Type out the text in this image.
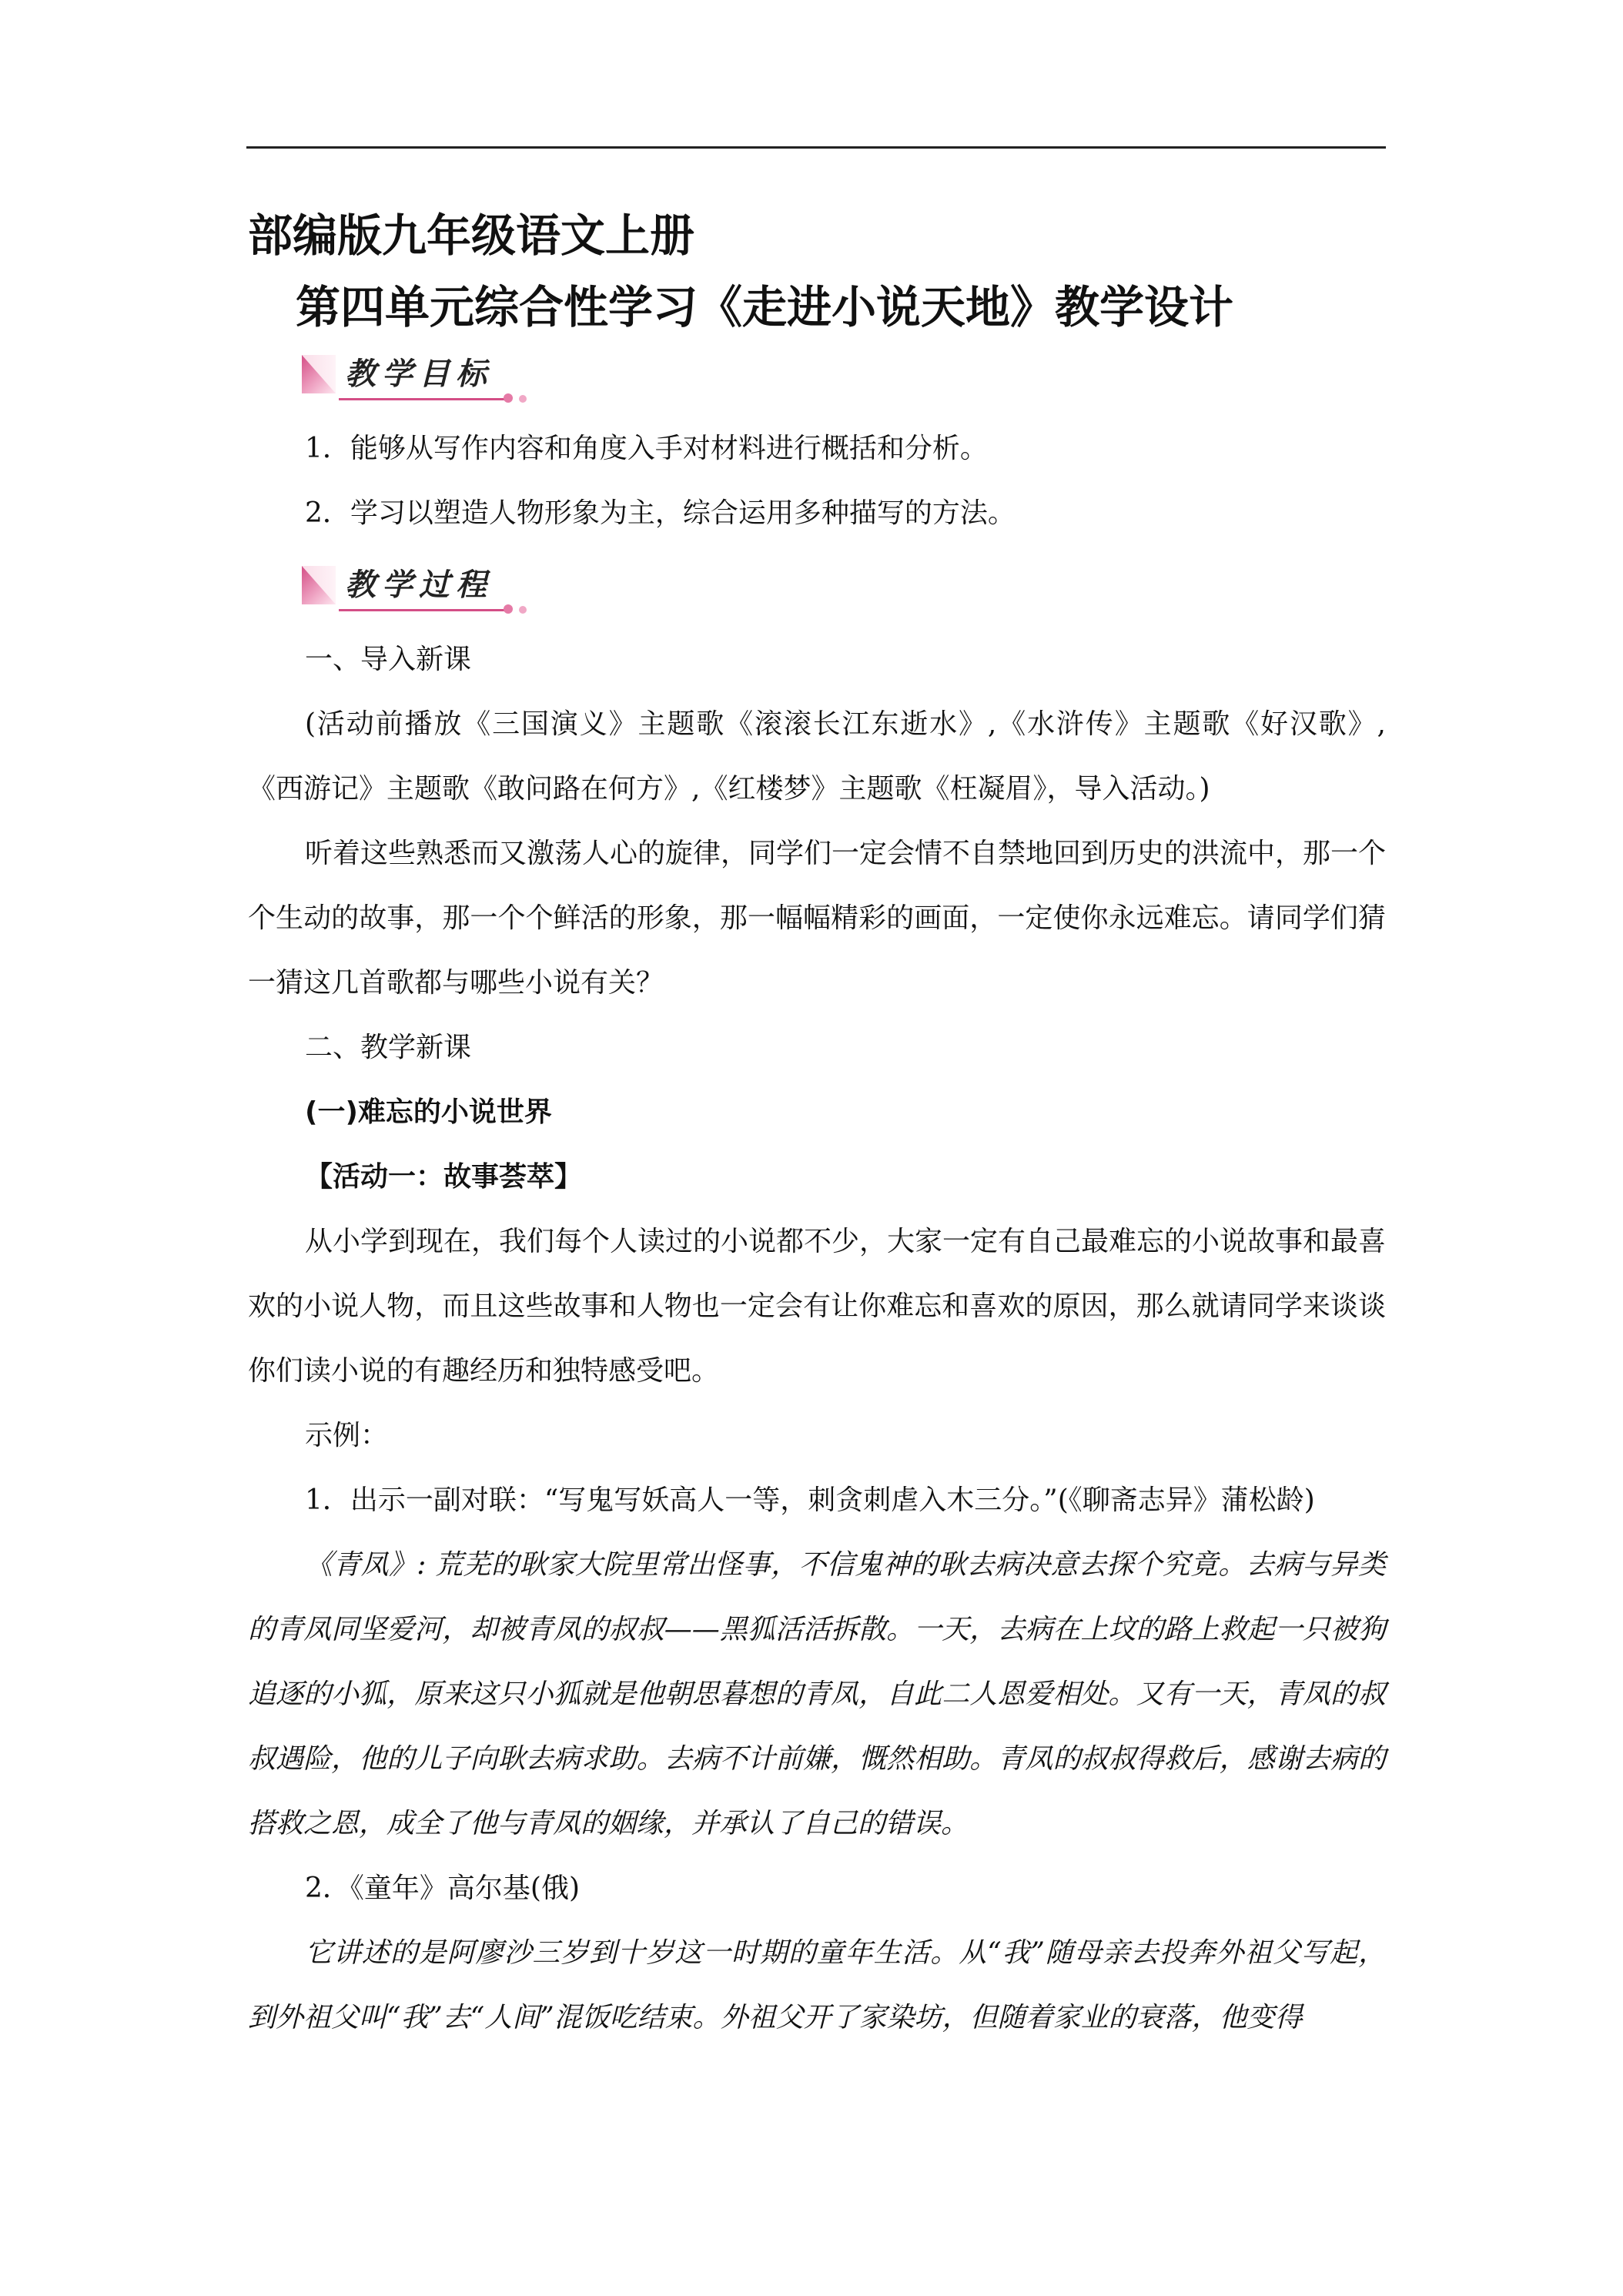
部编版九年级语文上册
第四单元综合性学习《走进小说天地》教学设计
教学目标

1．能够从写作内容和角度入手对材料进行概括和分析。

2．学习以塑造人物形象为主，综合运用多种描写的方法。

教学过程

一、导入新课

(活动前播放《三国演义》主题歌《滚滚长江东逝水》,《水浒传》主题歌《好汉歌》,《西游记》主题歌《敢问路在何方》,《红楼梦》主题歌《枉凝眉》，导入活动。)

听着这些熟悉而又激荡人心的旋律，同学们一定会情不自禁地回到历史的洪流中，那一个个生动的故事，那一个个鲜活的形象，那一幅幅精彩的画面，一定使你永远难忘。请同学们猜一猜这几首歌都与哪些小说有关？

二、教学新课

(一)难忘的小说世界

【活动一：故事荟萃】

从小学到现在，我们每个人读过的小说都不少，大家一定有自己最难忘的小说故事和最喜欢的小说人物，而且这些故事和人物也一定会有让你难忘和喜欢的原因，那么就请同学来谈谈你们读小说的有趣经历和独特感受吧。

示例：

1．出示一副对联：“写鬼写妖高人一等，刺贪刺虐入木三分。”(《聊斋志异》蒲松龄)

《青凤》: 荒芜的耿家大院里常出怪事，不信鬼神的耿去病决意去探个究竟。去病与异类的青凤同坚爱河，却被青凤的叔叔——黑狐活活拆散。一天，去病在上坟的路上救起一只被狗追逐的小狐，原来这只小狐就是他朝思暮想的青凤，自此二人恩爱相处。又有一天，青凤的叔叔遇险，他的儿子向耿去病求助。去病不计前嫌，慨然相助。青凤的叔叔得救后，感谢去病的搭救之恩，成全了他与青凤的姻缘，并承认了自己的错误。

2．《童年》高尔基(俄)

它讲述的是阿廖沙三岁到十岁这一时期的童年生活。从“我”随母亲去投奔外祖父写起，到外祖父叫“我”去“人间”混饭吃结束。外祖父开了家染坊，但随着家业的衰落，他变得
